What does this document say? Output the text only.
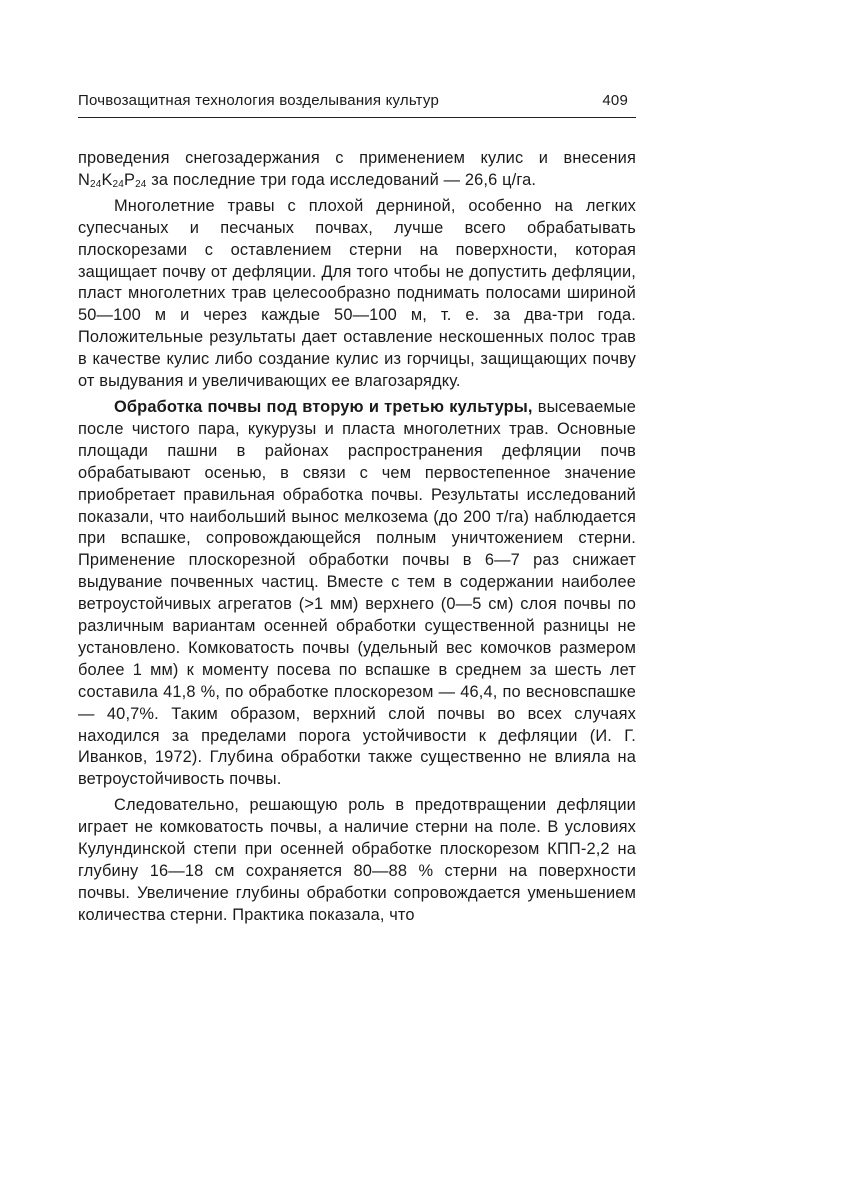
Почвозащитная технология возделывания культур	409

проведения снегозадержания с применением кулис и внесения $N_{24}K_{24}P_{24}$ за последние три года исследований — 26,6 ц/га.

Многолетние травы с плохой дерниной, особенно на легких супесчаных и песчаных почвах, лучше всего обрабатывать плоскорезами с оставлением стерни на поверхности, которая защищает почву от дефляции. Для того чтобы не допустить дефляции, пласт многолетних трав целесообразно поднимать полосами шириной 50—100 м и через каждые 50—100 м, т. е. за два-три года. Положительные результаты дает оставление нескошенных полос трав в качестве кулис либо создание кулис из горчицы, защищающих почву от выдувания и увеличивающих ее влагозарядку.

Обработка почвы под вторую и третью культуры, высеваемые после чистого пара, кукурузы и пласта многолетних трав. Основные площади пашни в районах распространения дефляции почв обрабатывают осенью, в связи с чем первостепенное значение приобретает правильная обработка почвы. Результаты исследований показали, что наибольший вынос мелкозема (до 200 т/га) наблюдается при вспашке, сопровождающейся полным уничтожением стерни. Применение плоскорезной обработки почвы в 6—7 раз снижает выдувание почвенных частиц. Вместе с тем в содержании наиболее ветроустойчивых агрегатов (>1 мм) верхнего (0—5 см) слоя почвы по различным вариантам осенней обработки существенной разницы не установлено. Комковатость почвы (удельный вес комочков размером более 1 мм) к моменту посева по вспашке в среднем за шесть лет составила 41,8 %, по обработке плоскорезом — 46,4, по весновспашке — 40,7%. Таким образом, верхний слой почвы во всех случаях находился за пределами порога устойчивости к дефляции (И. Г. Иванков, 1972). Глубина обработки также существенно не влияла на ветроустойчивость почвы.

Следовательно, решающую роль в предотвращении дефляции играет не комковатость почвы, а наличие стерни на поле. В условиях Кулундинской степи при осенней обработке плоскорезом КПП-2,2 на глубину 16—18 см сохраняется 80—88 % стерни на поверхности почвы. Увеличение глубины обработки сопровождается уменьшением количества стерни. Практика показала, что
